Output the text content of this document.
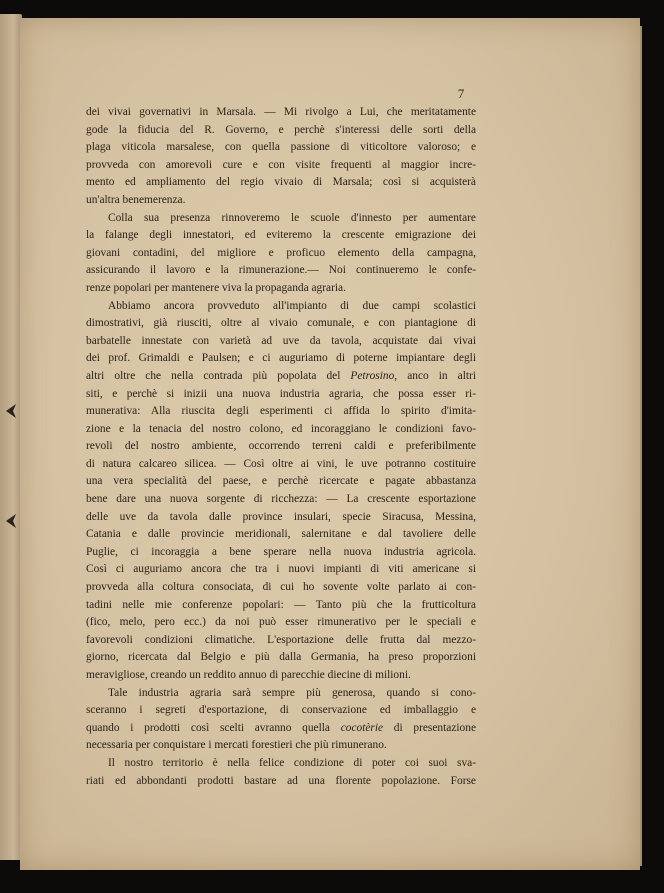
7
dei vivai governativi in Marsala. — Mi rivolgo a Lui, che meritatamente
gode la fiducia del R. Governo, e perchè s'interessi delle sorti della
plaga viticola marsalese, con quella passione di viticoltore valoroso; e
provveda con amorevoli cure e con visite frequenti al maggior incre-
mento ed ampliamento del regio vivaio di Marsala; così si acquisterà
un'altra benemerenza.
Colla sua presenza rinnoveremo le scuole d'innesto per aumentare
la falange degli innestatori, ed eviteremo la crescente emigrazione dei
giovani contadini, del migliore e proficuo elemento della campagna,
assicurando il lavoro e la rimunerazione.— Noi continueremo le confe-
renze popolari per mantenere viva la propaganda agraria.
Abbiamo ancora provveduto all'impianto di due campi scolastici
dimostrativi, già riusciti, oltre al vivaio comunale, e con piantagione di
barbatelle innestate con varietà ad uve da tavola, acquistate dai vivai
dei prof. Grimaldi e Paulsen; e ci auguriamo di poterne impiantare degli
altri oltre che nella contrada più popolata del Petrosino, anco in altri
siti, e perchè si inizii una nuova industria agraria, che possa esser ri-
munerativa: Alla riuscita degli esperimenti ci affida lo spirito d'imita-
zione e la tenacia del nostro colono, ed incoraggiano le condizioni favo-
revoli del nostro ambiente, occorrendo terreni caldi e preferibilmente
di natura calcareo silicea. — Così oltre ai vini, le uve potranno costituire
una vera specialità del paese, e perchè ricercate e pagate abbastanza
bene dare una nuova sorgente di ricchezza: — La crescente esportazione
delle uve da tavola dalle province insulari, specie Siracusa, Messina,
Catania e dalle provincie meridionali, salernitane e dal tavoliere delle
Puglie, ci incoraggia a bene sperare nella nuova industria agricola.
Così ci auguriamo ancora che tra i nuovi impianti di viti americane si
provveda alla coltura consociata, di cui ho sovente volte parlato ai con-
tadini nelle mie conferenze popolari: — Tanto più che la frutticoltura
(fico, melo, pero ecc.) da noi può esser rimunerativo per le speciali e
favorevoli condizioni climatiche. L'esportazione delle frutta dal mezzo-
giorno, ricercata dal Belgio e più dalla Germania, ha preso proporzioni
meravigliose, creando un reddito annuo di parecchie diecine di milioni.
Tale industria agraria sarà sempre più generosa, quando si cono-
sceranno i segreti d'esportazione, di conservazione ed imballaggio e
quando i prodotti così scelti avranno quella cocotèrie di presentazione
necessaria per conquistare i mercati forestieri che più rimunerano.
Il nostro territorio è nella felice condizione di poter coi suoi sva-
riati ed abbondanti prodotti bastare ad una florente popolazione. Forse
